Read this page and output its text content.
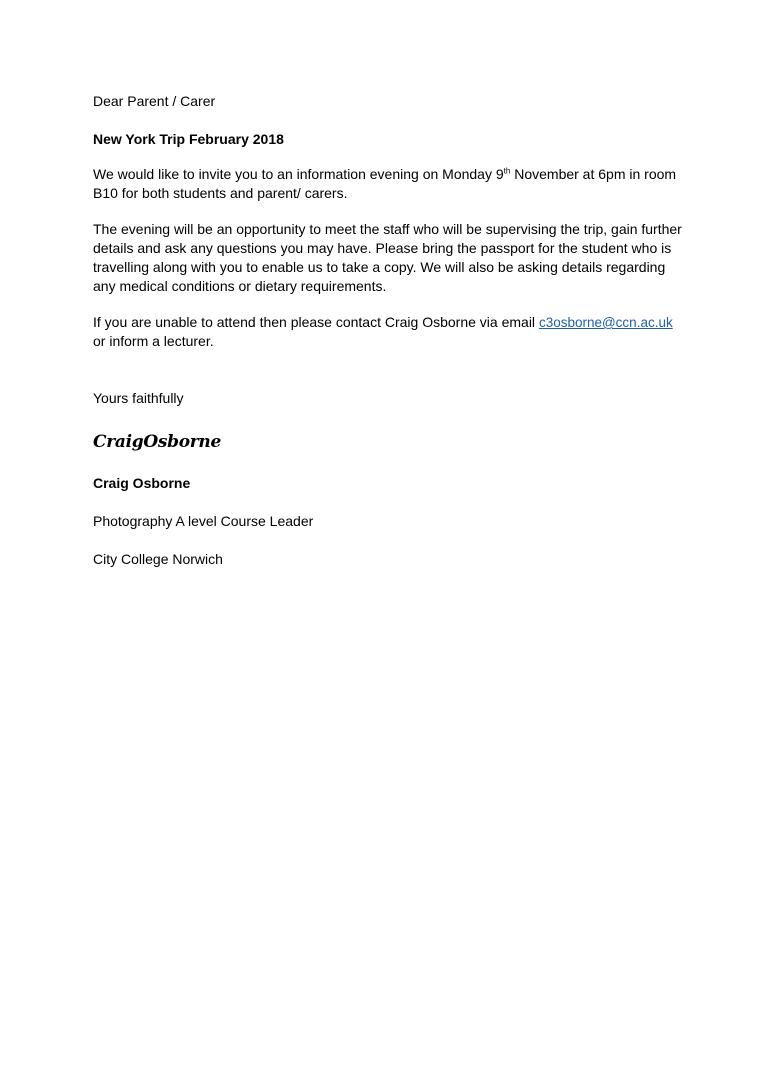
Dear Parent / Carer

New York Trip February 2018

We would like to invite you to an information evening on Monday 9th November at 6pm in room B10 for both students and parent/ carers.

The evening will be an opportunity to meet the staff who will be supervising the trip, gain further details and ask any questions you may have. Please bring the passport for the student who is travelling along with you to enable us to take a copy. We will also be asking details regarding any medical conditions or dietary requirements.

If you are unable to attend then please contact Craig Osborne via email c3osborne@ccn.ac.uk or inform a lecturer.

Yours faithfully

CraigOsborne

Craig Osborne

Photography A level Course Leader

City College Norwich
